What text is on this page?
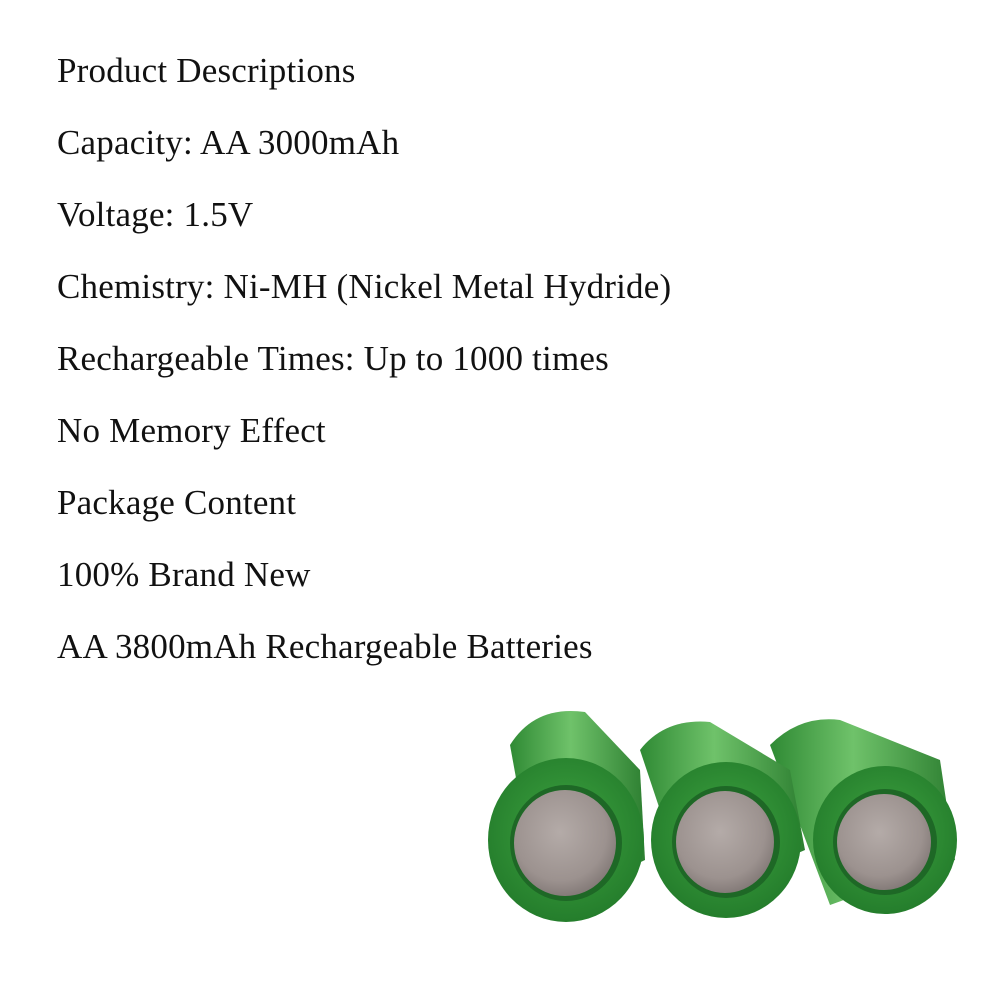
Product Descriptions
Capacity: AA 3000mAh
Voltage: 1.5V
Chemistry: Ni-MH (Nickel Metal Hydride)
Rechargeable Times: Up to 1000 times
No Memory Effect
Package Content
100% Brand New
AA 3800mAh Rechargeable Batteries
